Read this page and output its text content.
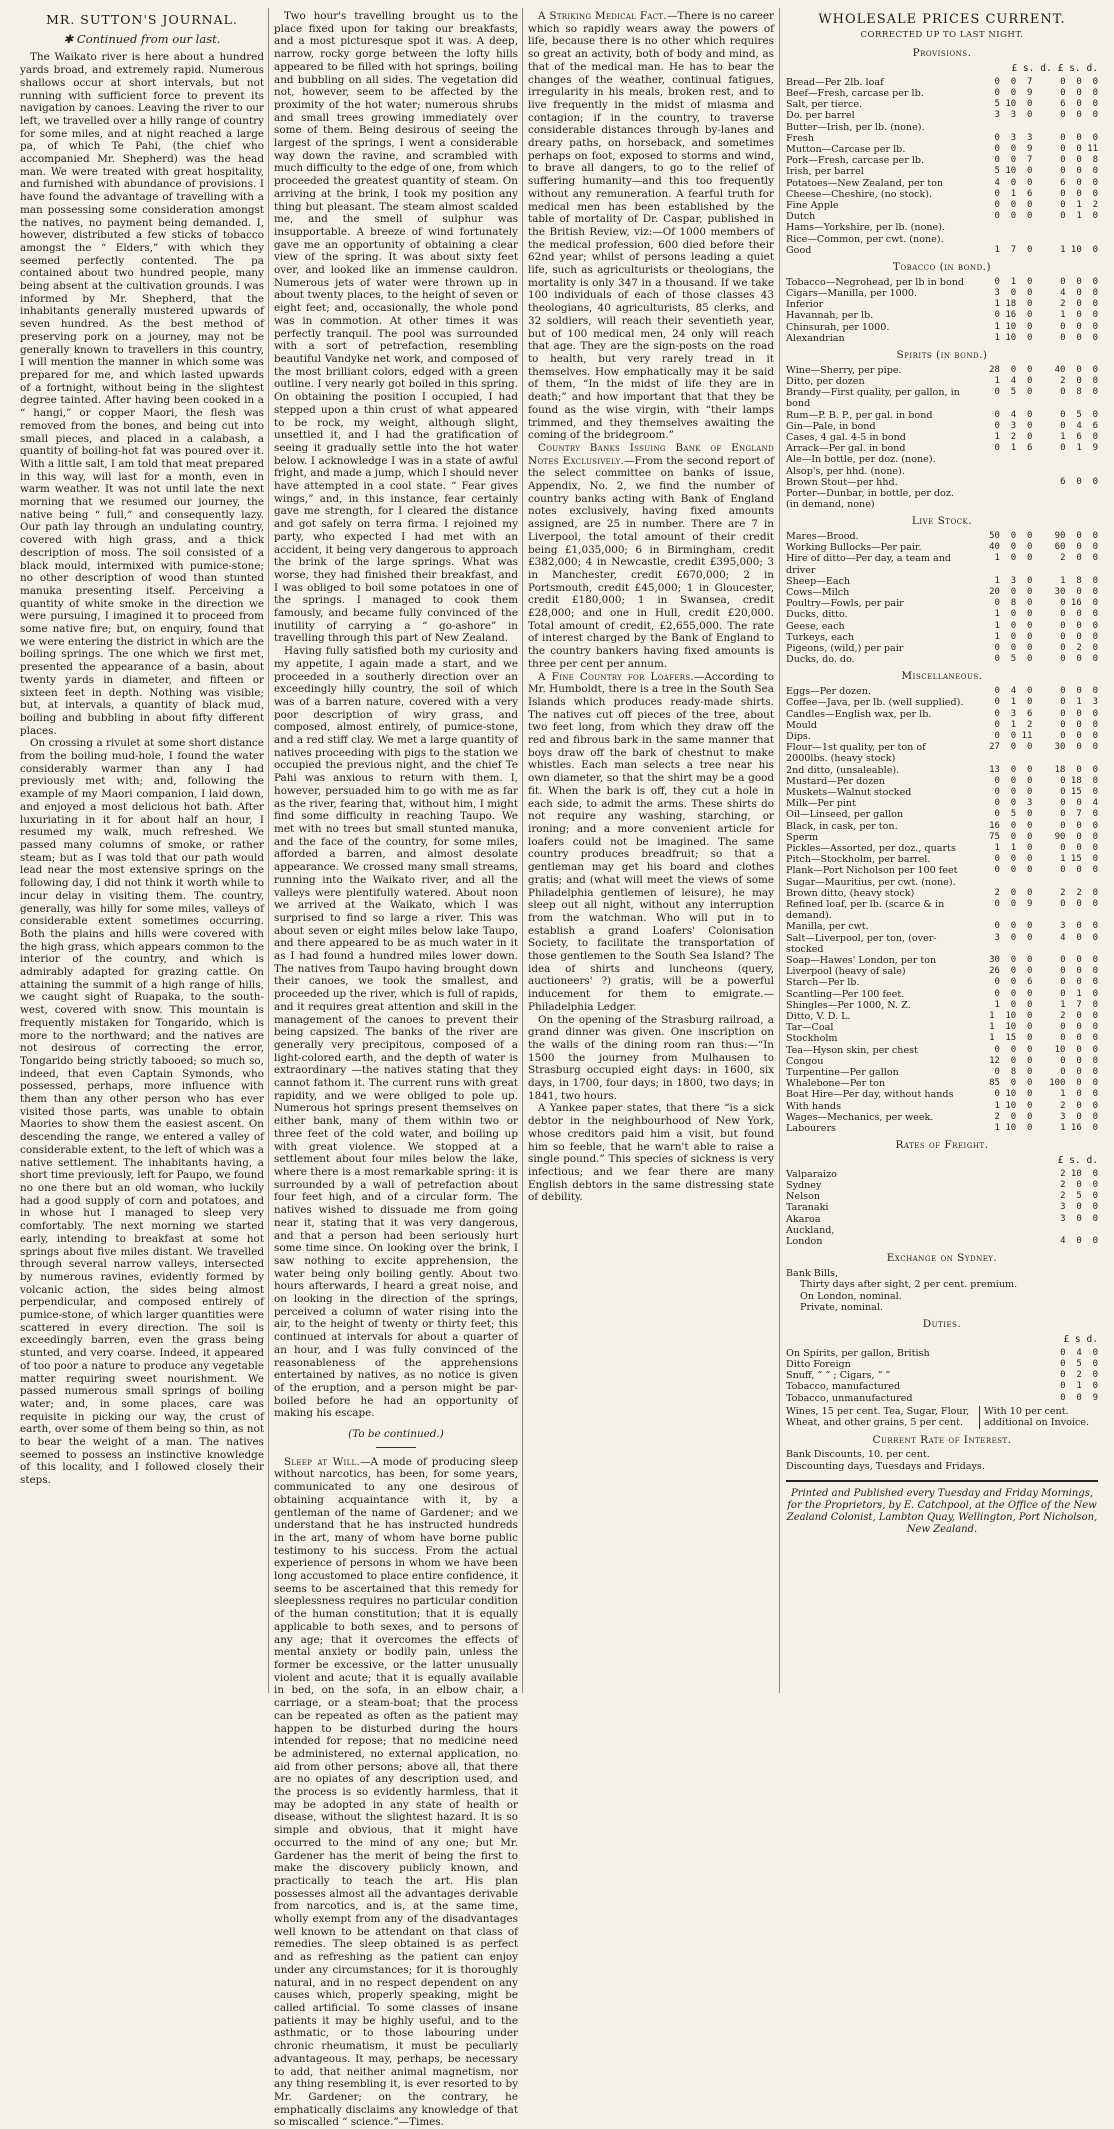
MR. SUTTON'S JOURNAL.
✱ Continued from our last.

The Waikato river is here about a hundred yards broad, and extremely rapid. Numerous shallows occur at short intervals, but not running with sufficient force to prevent its navigation by canoes. Leaving the river to our left, we travelled over a hilly range of country for some miles, and at night reached a large pa, of which Te Pahi, (the chief who accompanied Mr. Shepherd) was the head man. We were treated with great hospitality, and furnished with abundance of provisions. I have found the advantage of travelling with a man possessing some consideration amongst the natives, no payment being demanded. I, however, distributed a few sticks of tobacco amongst the “ Elders,” with which they seemed perfectly contented. The pa contained about two hundred people, many being absent at the cultivation grounds. I was informed by Mr. Shepherd, that the inhabitants generally mustered upwards of seven hundred. As the best method of preserving pork on a journey, may not be generally known to travellers in this country, I will mention the manner in which some was prepared for me, and which lasted upwards of a fortnight, without being in the slightest degree tainted. After having been cooked in a “ hangi,” or copper Maori, the flesh was removed from the bones, and being cut into small pieces, and placed in a calabash, a quantity of boiling-hot fat was poured over it. With a little salt, I am told that meat prepared in this way, will last for a month, even in warm weather. It was not until late the next morning that we resumed our journey, the native being “ full,” and consequently lazy. Our path lay through an undulating country, covered with high grass, and a thick description of moss. The soil consisted of a black mould, intermixed with pumice-stone; no other description of wood than stunted manuka presenting itself. Perceiving a quantity of white smoke in the direction we were pursuing, I imagined it to proceed from some native fire; but, on enquiry, found that we were entering the district in which are the boiling springs. The one which we first met, presented the appearance of a basin, about twenty yards in diameter, and fifteen or sixteen feet in depth. Nothing was visible; but, at intervals, a quantity of black mud, boiling and bubbling in about fifty different places.

On crossing a rivulet at some short distance from the boiling mud-hole, I found the water considerably warmer than any I had previously met with; and, following the example of my Maori companion, I laid down, and enjoyed a most delicious hot bath. After luxuriating in it for about half an hour, I resumed my walk, much refreshed. We passed many columns of smoke, or rather steam; but as I was told that our path would lead near the most extensive springs on the following day, I did not think it worth while to incur delay in visiting them. The country, generally, was hilly for some miles, valleys of considerable extent sometimes occurring. Both the plains and hills were covered with the high grass, which appears common to the interior of the country, and which is admirably adapted for grazing cattle. On attaining the summit of a high range of hills, we caught sight of Ruapaka, to the south-west, covered with snow. This mountain is frequently mistaken for Tongarido, which is more to the northward; and the natives are not desirous of correcting the error, Tongarido being strictly tabooed; so much so, indeed, that even Captain Symonds, who possessed, perhaps, more influence with them than any other person who has ever visited those parts, was unable to obtain Maories to show them the easiest ascent. On descending the range, we entered a valley of considerable extent, to the left of which was a native settlement. The inhabitants having, a short time previously, left for Paupo, we found no one there but an old woman, who luckily had a good supply of corn and potatoes, and in whose hut I managed to sleep very comfortably. The next morning we started early, intending to breakfast at some hot springs about five miles distant. We travelled through several narrow valleys, intersected by numerous ravines, evidently formed by volcanic action, the sides being almost perpendicular, and composed entirely of pumice-stone, of which larger quantities were scattered in every direction. The soil is exceedingly barren, even the grass being stunted, and very coarse. Indeed, it appeared of too poor a nature to produce any vegetable matter requiring sweet nourishment. We passed numerous small springs of boiling water; and, in some places, care was requisite in picking our way, the crust of earth, over some of them being so thin, as not to bear the weight of a man. The natives seemed to possess an instinctive knowledge of this locality, and I followed closely their steps.

Two hour's travelling brought us to the place fixed upon for taking our breakfasts, and a most picturesque spot it was. A deep, narrow, rocky gorge between the lofty hills appeared to be filled with hot springs, boiling and bubbling on all sides. The vegetation did not, however, seem to be affected by the proximity of the hot water; numerous shrubs and small trees growing immediately over some of them. Being desirous of seeing the largest of the springs, I went a considerable way down the ravine, and scrambled with much difficulty to the edge of one, from which proceeded the greatest quantity of steam. On arriving at the brink, I took my position any thing but pleasant. The steam almost scalded me, and the smell of sulphur was insupportable. A breeze of wind fortunately gave me an opportunity of obtaining a clear view of the spring. It was about sixty feet over, and looked like an immense cauldron. Numerous jets of water were thrown up in about twenty places, to the height of seven or eight feet; and, occasionally, the whole pond was in commotion. At other times it was perfectly tranquil. The pool was surrounded with a sort of petrefaction, resembling beautiful Vandyke net work, and composed of the most brilliant colors, edged with a green outline. I very nearly got boiled in this spring. On obtaining the position I occupied, I had stepped upon a thin crust of what appeared to be rock, my weight, although slight, unsettled it, and I had the gratification of seeing it gradually settle into the hot water below. I acknowledge I was in a state of awful fright, and made a jump, which I should never have attempted in a cool state. “ Fear gives wings,” and, in this instance, fear certainly gave me strength, for I cleared the distance and got safely on terra firma. I rejoined my party, who expected I had met with an accident, it being very dangerous to approach the brink of the large springs. What was worse, they had finished their breakfast, and I was obliged to boil some potatoes in one of the springs. I managed to cook them famously, and became fully convinced of the inutility of carrying a “ go-ashore” in travelling through this part of New Zealand.

Having fully satisfied both my curiosity and my appetite, I again made a start, and we proceeded in a southerly direction over an exceedingly hilly country, the soil of which was of a barren nature, covered with a very poor description of wiry grass, and composed, almost entirely, of pumice-stone, and a red stiff clay. We met a large quantity of natives proceeding with pigs to the station we occupied the previous night, and the chief Te Pahi was anxious to return with them. I, however, persuaded him to go with me as far as the river, fearing that, without him, I might find some difficulty in reaching Taupo. We met with no trees but small stunted manuka, and the face of the country, for some miles, afforded a barren, and almost desolate appearance. We crossed many small streams, running into the Waikato river, and all the valleys were plentifully watered. About noon we arrived at the Waikato, which I was surprised to find so large a river. This was about seven or eight miles below lake Taupo, and there appeared to be as much water in it as I had found a hundred miles lower down. The natives from Taupo having brought down their canoes, we took the smallest, and proceeded up the river, which is full of rapids, and it requires great attention and skill in the management of the canoes to prevent their being capsized. The banks of the river are generally very precipitous, composed of a light-colored earth, and the depth of water is extraordinary —the natives stating that they cannot fathom it. The current runs with great rapidity, and we were obliged to pole up. Numerous hot springs present themselves on either bank, many of them within two or three feet of the cold water, and boiling up with great violence. We stopped at a settlement about four miles below the lake, where there is a most remarkable spring: it is surrounded by a wall of petrefaction about four feet high, and of a circular form. The natives wished to dissuade me from going near it, stating that it was very dangerous, and that a person had been seriously hurt some time since. On looking over the brink, I saw nothing to excite apprehension, the water being only boiling gently. About two hours afterwards, I heard a great noise, and on looking in the direction of the springs, perceived a column of water rising into the air, to the height of twenty or thirty feet; this continued at intervals for about a quarter of an hour, and I was fully convinced of the reasonableness of the apprehensions entertained by natives, as no notice is given of the eruption, and a person might be par-boiled before he had an opportunity of making his escape.

(To be continued.)

Sleep at Will.—A mode of producing sleep without narcotics, has been, for some years, communicated to any one desirous of obtaining acquaintance with it, by a gentleman of the name of Gardener; and we understand that he has instructed hundreds in the art, many of whom have borne public testimony to his success. From the actual experience of persons in whom we have been long accustomed to place entire confidence, it seems to be ascertained that this remedy for sleeplessness requires no particular condition of the human constitution; that it is equally applicable to both sexes, and to persons of any age; that it overcomes the effects of mental anxiety or bodily pain, unless the former be excessive, or the latter unusually violent and acute; that it is equally available in bed, on the sofa, in an elbow chair, a carriage, or a steam-boat; that the process can be repeated as often as the patient may happen to be disturbed during the hours intended for repose; that no medicine need be administered, no external application, no aid from other persons; above all, that there are no opiates of any description used, and the process is so evidently harmless, that it may be adopted in any state of health or disease, without the slightest hazard. It is so simple and obvious, that it might have occurred to the mind of any one; but Mr. Gardener has the merit of being the first to make the discovery publicly known, and practically to teach the art. His plan possesses almost all the advantages derivable from narcotics, and is, at the same time, wholly exempt from any of the disadvantages well known to be attendant on that class of remedies. The sleep obtained is as perfect and as refreshing as the patient can enjoy under any circumstances; for it is thoroughly natural, and in no respect dependent on any causes which, properly speaking, might be called artificial. To some classes of insane patients it may be highly useful, and to the asthmatic, or to those labouring under chronic rheumatism, it must be peculiarly advantageous. It may, perhaps, be necessary to add, that neither animal magnetism, nor any thing resembling it, is ever resorted to by Mr. Gardener; on the contrary, he emphatically disclaims any knowledge of that so miscalled “ science.”—Times.

A Striking Medical Fact.—There is no career which so rapidly wears away the powers of life, because there is no other which requires so great an activity, both of body and mind, as that of the medical man. He has to bear the changes of the weather, continual fatigues, irregularity in his meals, broken rest, and to live frequently in the midst of miasma and contagion; if in the country, to traverse considerable distances through by-lanes and dreary paths, on horseback, and sometimes perhaps on foot, exposed to storms and wind, to brave all dangers, to go to the relief of suffering humanity—and this too frequently without any remuneration. A fearful truth for medical men has been established by the table of mortality of Dr. Caspar, published in the British Review, viz:—Of 1000 members of the medical profession, 600 died before their 62nd year; whilst of persons leading a quiet life, such as agriculturists or theologians, the mortality is only 347 in a thousand. If we take 100 individuals of each of those classes 43 theologians, 40 agriculturists, 85 clerks, and 32 soldiers, will reach their seventieth year, but of 100 medical men, 24 only will reach that age. They are the sign-posts on the road to health, but very rarely tread in it themselves. How emphatically may it be said of them, “In the midst of life they are in death;” and how important that that they be found as the wise virgin, with “their lamps trimmed, and they themselves awaiting the coming of the bridegroom.”

Country Banks Issuing Bank of England Notes Exclusively.—From the second report of the select committee on banks of issue, Appendix, No. 2, we find the number of country banks acting with Bank of England notes exclusively, having fixed amounts assigned, are 25 in number. There are 7 in Liverpool, the total amount of their credit being £1,035,000; 6 in Birmingham, credit £382,000; 4 in Newcastle, credit £395,000; 3 in Manchester, credit £670,000; 2 in Portsmouth, credit £45,000; 1 in Gloucester, credit £180,000; 1 in Swansea, credit £28,000; and one in Hull, credit £20,000. Total amount of credit, £2,655,000. The rate of interest charged by the Bank of England to the country bankers having fixed amounts is three per cent per annum.

A Fine Country for Loafers.—According to Mr. Humboldt, there is a tree in the South Sea Islands which produces ready-made shirts. The natives cut off pieces of the tree, about two feet long, from which they draw off the red and fibrous bark in the same manner that boys draw off the bark of chestnut to make whistles. Each man selects a tree near his own diameter, so that the shirt may be a good fit. When the bark is off, they cut a hole in each side, to admit the arms. These shirts do not require any washing, starching, or ironing; and a more convenient article for loafers could not be imagined. The same country produces breadfruit; so that a gentleman may get his board and clothes gratis; and (what will meet the views of some Philadelphia gentlemen of leisure), he may sleep out all night, without any interruption from the watchman. Who will put in to establish a grand Loafers' Colonisation Society, to facilitate the transportation of those gentlemen to the South Sea Island? The idea of shirts and luncheons (query, auctioneers' ?) gratis, will be a powerful inducement for them to emigrate.—Philadelphia Ledger.

On the opening of the Strasburg railroad, a grand dinner was given. One inscription on the walls of the dining room ran thus:—“In 1500 the journey from Mulhausen to Strasburg occupied eight days: in 1600, six days, in 1700, four days; in 1800, two days; in 1841, two hours.

A Yankee paper states, that there “is a sick debtor in the neighbourhood of New York, whose creditors paid him a visit, but found him so feeble, that he warn't able to raise a single pound.” This species of sickness is very infectious; and we fear there are many English debtors in the same distressing state of debility.

WHOLESALE PRICES CURRENT.
CORRECTED UP TO LAST NIGHT.
Provisions.
£ s. d. £ s. d.
Bread—Per 2lb. loaf	0  0  7	0  0  0
Beef—Fresh, carcase per lb.	0  0  9	0  0  0
Salt, per tierce.	5 10  0	6  0  0
Do. per barrel	3  3  0	0  0  0
Butter—Irish, per lb. (none).		
Fresh	0  3  3	0  0  0
Mutton—Carcase per lb.	0  0  9	0  0 11
Pork—Fresh, carcase per lb.	0  0  7	0  0  8
Irish, per barrel	5 10  0	0  0  0
Potatoes—New Zealand, per ton	4  0  0	6  0  0
Cheese—Cheshire, (no stock).	0  1  6	0  0  0
Fine Apple	0  0  0	0  1  2
Dutch	0  0  0	0  1  0
Hams—Yorkshire, per lb. (none).		
Rice—Common, per cwt. (none).		
Good	1  7  0	1 10  0
Tobacco (in bond.)
Tobacco—Negrohead, per lb in bond	0  1  0	0  0  0
Cigars—Manilla, per 1000.	3  0  0	4  0  0
Inferior	1 18  0	2  0  0
Havannah, per lb.	0 16  0	1  0  0
Chinsurah, per 1000.	1 10  0	0  0  0
Alexandrian	1 10  0	0  0  0
Spirits (in bond.)
Wine—Sherry, per pipe.	28  0  0	40  0  0
Ditto, per dozen	1  4  0	2  0  0
Brandy—First quality, per gallon, in bond	0  5  0	0  8  0
Rum—P. B. P., per gal. in bond	0  4  0	0  5  0
Gin—Pale, in bond	0  3  0	0  4  6
Cases, 4 gal. 4-5 in bond	1  2  0	1  6  0
Arrack—Per gal. in bond	0  1  6	0  1  9
Ale—In bottle, per doz. (none).		
Alsop's, per hhd. (none).		
Brown Stout—per hhd.		6  0  0
Porter—Dunbar, in bottle, per doz. (in demand, none)		
Live Stock.
Mares—Brood.	50  0  0	90  0  0
Working Bullocks—Per pair.	40  0  0	60  0  0
Hire of ditto—Per day, a team and driver	1  0  0	2  0  0
Sheep—Each	1  3  0	1  8  0
Cows—Milch	20  0  0	30  0  0
Poultry—Fowls, per pair	0  8  0	0 16  0
Ducks, ditto.	1  0  0	0  0  0
Geese, each	1  0  0	0  0  0
Turkeys, each	1  0  0	0  0  0
Pigeons, (wild,) per pair	0  0  0	0  2  0
Ducks, do. do.	0  5  0	0  0  0
Miscellaneous.
Eggs—Per dozen.	0  4  0	0  0  0
Coffee—Java, per lb. (well supplied).	0  1  0	0  1  3
Candles—English wax, per lb.	0  3  6	0  0  0
Mould	0  1  2	0  0  0
Dips.	0  0 11	0  0  0
Flour—1st quality, per ton of 2000lbs. (heavy stock)	27  0  0	30  0  0
2nd ditto, (unsaleable).	13  0  0	18  0  0
Mustard—Per dozen	0  0  0	0 18  0
Muskets—Walnut stocked	0  0  0	0 15  0
Milk—Per pint	0  0  3	0  0  4
Oil—Linseed, per gallon	0  5  0	0  7  0
Black, in cask, per ton.	16  0  0	0  0  0
Sperm	75  0  0	90  0  0
Pickles—Assorted, per doz., quarts	1  1  0	0  0  0
Pitch—Stockholm, per barrel.	0  0  0	1 15  0
Plank—Port Nicholson per 100 feet	0  0  0	0  0  0
Sugar—Mauritius, per cwt. (none).		
Brown ditto, (heavy stock)	2  0  0	2  2  0
Refined loaf, per lb. (scarce & in demand).	0  0  9	0  0  0
Manilla, per cwt.	0  0  0	3  0  0
Salt—Liverpool, per ton, (over-stocked	3  0  0	4  0  0
Soap—Hawes' London, per ton	30  0  0	0  0  0
Liverpool (heavy of sale)	26  0  0	0  0  0
Starch—Per lb.	0  0  6	0  0  0
Scantling—Per 100 feet.	0  0  0	0  1  0
Shingles—Per 1000, N. Z.	1  0  0	1  7  0
Ditto, V. D. L.	1  10  0	2  0  0
Tar—Coal	1  10  0	0  0  0
Stockholm	1  15  0	0  0  0
Tea—Hyson skin, per chest	0  0  0	10  0  0
Congou	12  0  0	0  0  0
Turpentine—Per gallon	0  8  0	0  0  0
Whalebone—Per ton	85  0  0	100  0  0
Boat Hire—Per day, without hands	0 10  0	1  0  0
With hands	1 10  0	2  0  0
Wages—Mechanics, per week.	2  0  0	3  0  0
Labourers	1 10  0	1 16  0
Rates of Freight.
£ s. d.
Valparaizo	2 10  0
Sydney	2  0  0
Nelson	2  5  0
Taranaki	3  0  0
Akaroa	3  0  0
Auckland,	
London	4  0  0
Exchange on Sydney.
Bank Bills,
Thirty days after sight, 2 per cent. premium.
On London, nominal.
Private, nominal.
Duties.
£ s d.
On Spirits, per gallon, British	0  4  0
Ditto Foreign	0  5  0
Snuff, ” ” ; Cigars, ” ”	0  2  0
Tobacco, manufactured	0  1  0
Tobacco, unmanufactured	0  0  9
Wines, 15 per cent. Tea, Sugar, Flour, Wheat, and other grains, 5 per cent.	With 10 per cent. additional on Invoice.
Current Rate of Interest.
Bank Discounts, 10. per cent.
Discounting days, Tuesdays and Fridays.
Printed and Published every Tuesday and Friday Mornings, for the Proprietors, by E. Catchpool, at the Office of the New Zealand Colonist, Lambton Quay, Wellington, Port Nicholson, New Zealand.
